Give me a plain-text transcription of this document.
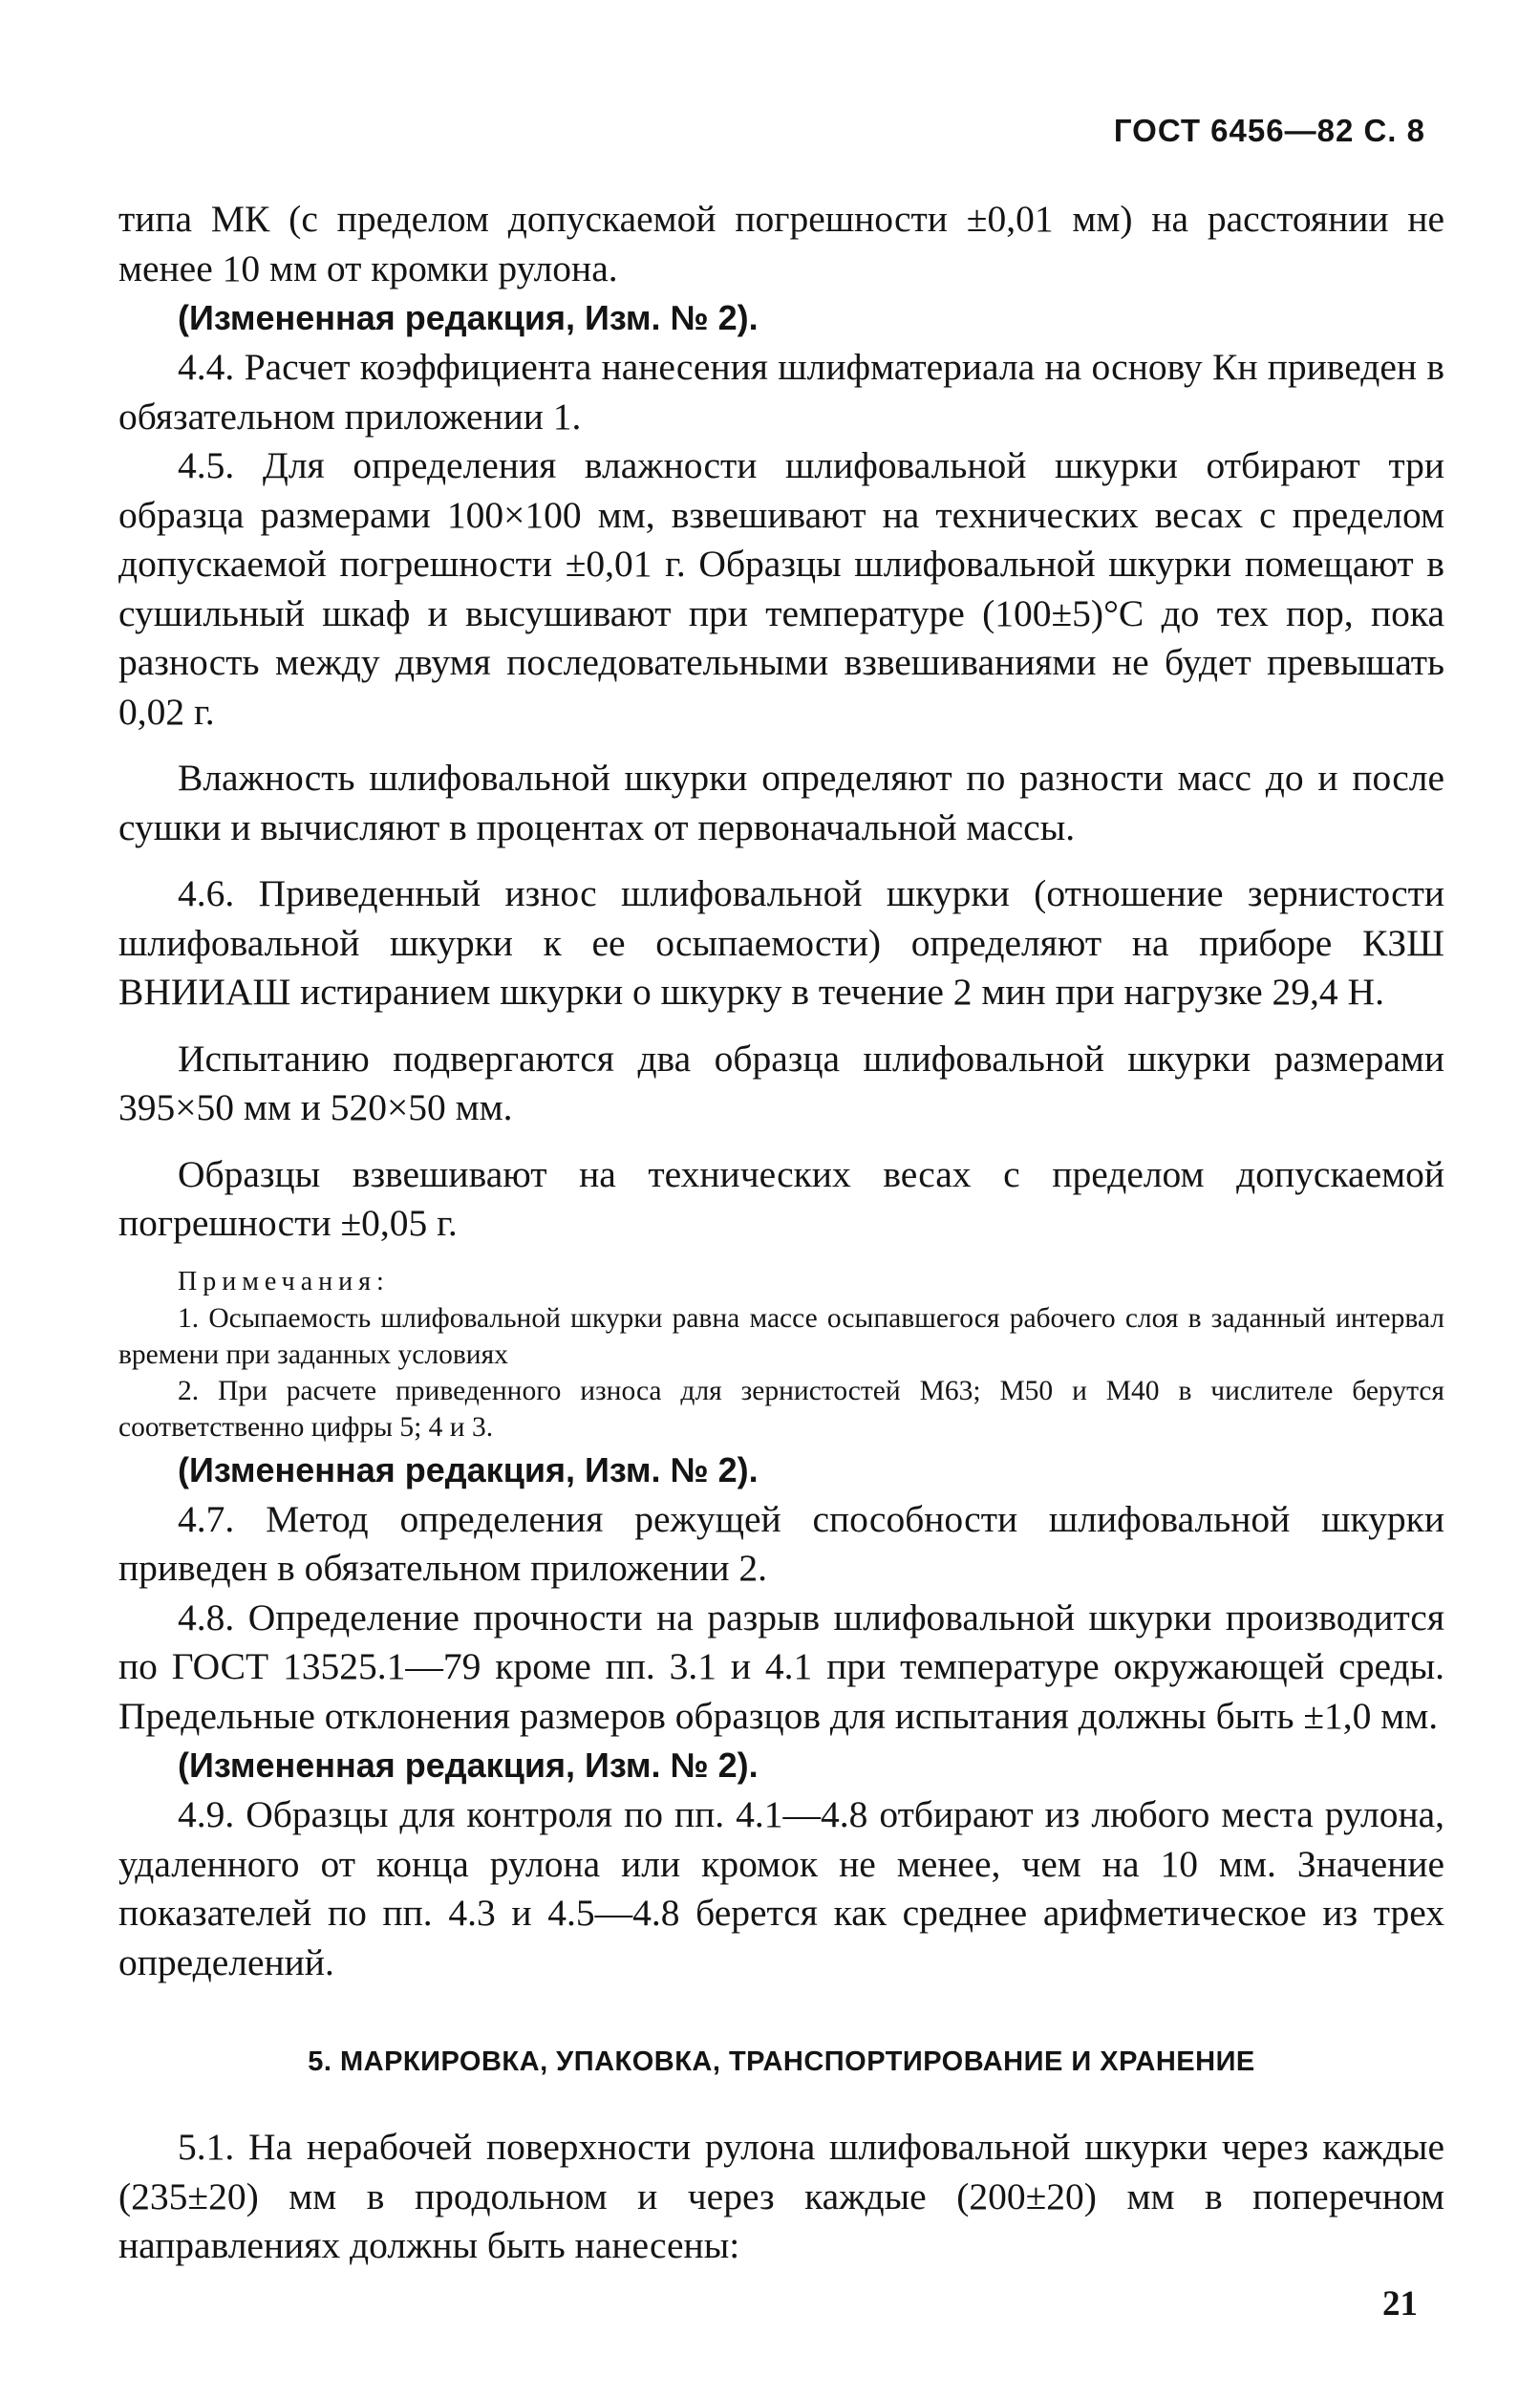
ГОСТ 6456—82 С. 8

типа МК (с пределом допускаемой погрешности ±0,01 мм) на расстоянии не менее 10 мм от кромки рулона.

(Измененная редакция, Изм. № 2).

4.4. Расчет коэффициента нанесения шлифматериала на основу Кн приведен в обязательном приложении 1.

4.5. Для определения влажности шлифовальной шкурки отбирают три образца размерами 100×100 мм, взвешивают на технических весах с пределом допускаемой погрешности ±0,01 г. Образцы шлифовальной шкурки помещают в сушильный шкаф и высушивают при температуре (100±5)°С до тех пор, пока разность между двумя последовательными взвешиваниями не будет превышать 0,02 г.

Влажность шлифовальной шкурки определяют по разности масс до и после сушки и вычисляют в процентах от первоначальной массы.

4.6. Приведенный износ шлифовальной шкурки (отношение зернистости шлифовальной шкурки к ее осыпаемости) определяют на приборе КЗШ ВНИИАШ истиранием шкурки о шкурку в течение 2 мин при нагрузке 29,4 Н.

Испытанию подвергаются два образца шлифовальной шкурки размерами 395×50 мм и 520×50 мм.

Образцы взвешивают на технических весах с пределом допускаемой погрешности ±0,05 г.

Примечания:

1. Осыпаемость шлифовальной шкурки равна массе осыпавшегося рабочего слоя в заданный интервал времени при заданных условиях

2. При расчете приведенного износа для зернистостей М63; М50 и М40 в числителе берутся соответственно цифры 5; 4 и 3.

(Измененная редакция, Изм. № 2).

4.7. Метод определения режущей способности шлифовальной шкурки приведен в обязательном приложении 2.

4.8. Определение прочности на разрыв шлифовальной шкурки производится по ГОСТ 13525.1—79 кроме пп. 3.1 и 4.1 при температуре окружающей среды. Предельные отклонения размеров образцов для испытания должны быть ±1,0 мм.

(Измененная редакция, Изм. № 2).

4.9. Образцы для контроля по пп. 4.1—4.8 отбирают из любого места рулона, удаленного от конца рулона или кромок не менее, чем на 10 мм. Значение показателей по пп. 4.3 и 4.5—4.8 берется как среднее арифметическое из трех определений.

5. МАРКИРОВКА, УПАКОВКА, ТРАНСПОРТИРОВАНИЕ И ХРАНЕНИЕ

5.1. На нерабочей поверхности рулона шлифовальной шкурки через каждые (235±20) мм в продольном и через каждые (200±20) мм в поперечном направлениях должны быть нанесены:

21
